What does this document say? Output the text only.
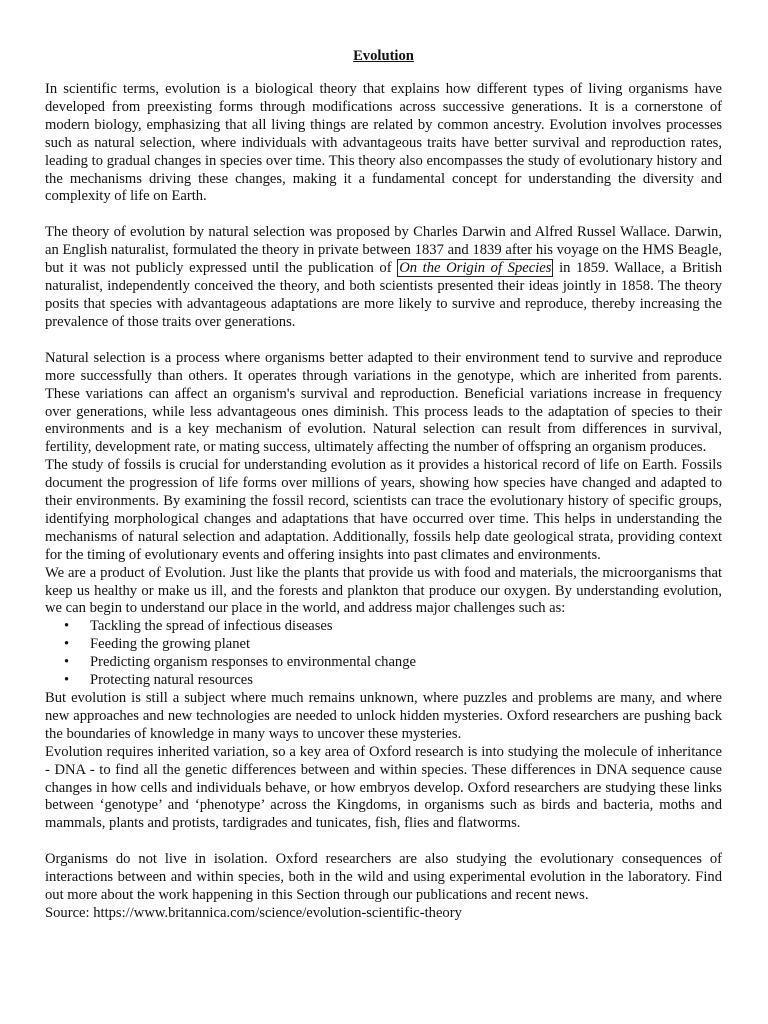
Evolution

In scientific terms, evolution is a biological theory that explains how different types of living organisms have developed from preexisting forms through modifications across successive generations. It is a cornerstone of modern biology, emphasizing that all living things are related by common ancestry. Evolution involves processes such as natural selection, where individuals with advantageous traits have better survival and reproduction rates, leading to gradual changes in species over time. This theory also encompasses the study of evolutionary history and the mechanisms driving these changes, making it a fundamental concept for understanding the diversity and complexity of life on Earth.

The theory of evolution by natural selection was proposed by Charles Darwin and Alfred Russel Wallace. Darwin, an English naturalist, formulated the theory in private between 1837 and 1839 after his voyage on the HMS Beagle, but it was not publicly expressed until the publication of On the Origin of Species in 1859. Wallace, a British naturalist, independently conceived the theory, and both scientists presented their ideas jointly in 1858. The theory posits that species with advantageous adaptations are more likely to survive and reproduce, thereby increasing the prevalence of those traits over generations.

Natural selection is a process where organisms better adapted to their environment tend to survive and reproduce more successfully than others. It operates through variations in the genotype, which are inherited from parents. These variations can affect an organism's survival and reproduction. Beneficial variations increase in frequency over generations, while less advantageous ones diminish. This process leads to the adaptation of species to their environments and is a key mechanism of evolution. Natural selection can result from differences in survival, fertility, development rate, or mating success, ultimately affecting the number of offspring an organism produces.

The study of fossils is crucial for understanding evolution as it provides a historical record of life on Earth. Fossils document the progression of life forms over millions of years, showing how species have changed and adapted to their environments. By examining the fossil record, scientists can trace the evolutionary history of specific groups, identifying morphological changes and adaptations that have occurred over time. This helps in understanding the mechanisms of natural selection and adaptation. Additionally, fossils help date geological strata, providing context for the timing of evolutionary events and offering insights into past climates and environments.

We are a product of Evolution. Just like the plants that provide us with food and materials, the microorganisms that keep us healthy or make us ill, and the forests and plankton that produce our oxygen. By understanding evolution, we can begin to understand our place in the world, and address major challenges such as:

• Tackling the spread of infectious diseases
• Feeding the growing planet
• Predicting organism responses to environmental change
• Protecting natural resources

But evolution is still a subject where much remains unknown, where puzzles and problems are many, and where new approaches and new technologies are needed to unlock hidden mysteries. Oxford researchers are pushing back the boundaries of knowledge in many ways to uncover these mysteries.

Evolution requires inherited variation, so a key area of Oxford research is into studying the molecule of inheritance - DNA - to find all the genetic differences between and within species. These differences in DNA sequence cause changes in how cells and individuals behave, or how embryos develop. Oxford researchers are studying these links between ‘genotype’ and ‘phenotype’ across the Kingdoms, in organisms such as birds and bacteria, moths and mammals, plants and protists, tardigrades and tunicates, fish, flies and flatworms.

Organisms do not live in isolation. Oxford researchers are also studying the evolutionary consequences of interactions between and within species, both in the wild and using experimental evolution in the laboratory. Find out more about the work happening in this Section through our publications and recent news.

Source: https://www.britannica.com/science/evolution-scientific-theory
